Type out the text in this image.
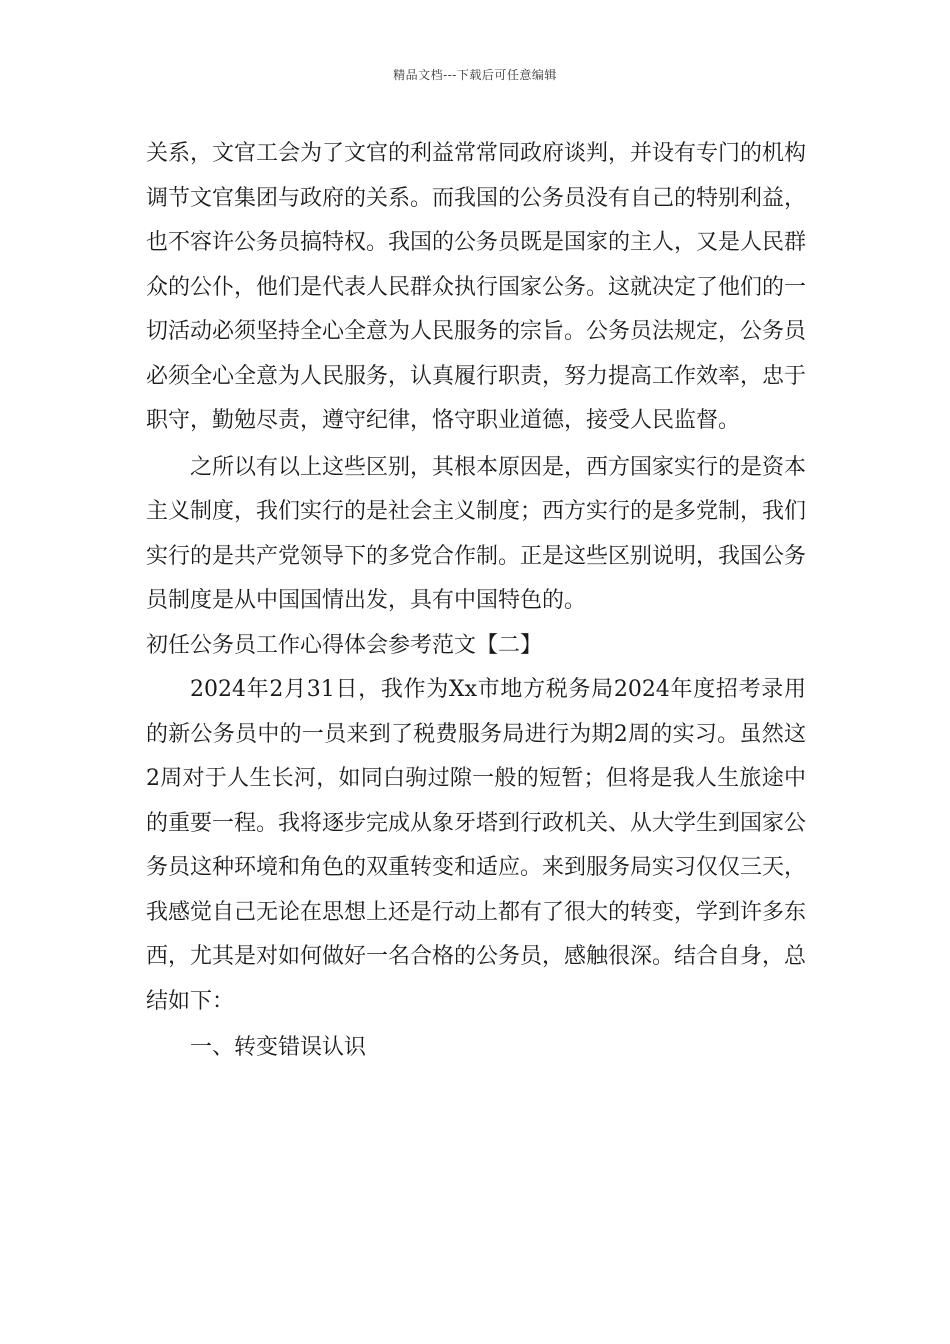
精品文档---下载后可任意编辑

关系，文官工会为了文官的利益常常同政府谈判，并设有专门的机构调节文官集团与政府的关系。而我国的公务员没有自己的特别利益，也不容许公务员搞特权。我国的公务员既是国家的主人，又是人民群众的公仆，他们是代表人民群众执行国家公务。这就决定了他们的一切活动必须坚持全心全意为人民服务的宗旨。公务员法规定，公务员必须全心全意为人民服务，认真履行职责，努力提高工作效率，忠于职守，勤勉尽责，遵守纪律，恪守职业道德，接受人民监督。

之所以有以上这些区别，其根本原因是，西方国家实行的是资本主义制度，我们实行的是社会主义制度；西方实行的是多党制，我们实行的是共产党领导下的多党合作制。正是这些区别说明，我国公务员制度是从中国国情出发，具有中国特色的。

初任公务员工作心得体会参考范文【二】

2024年2月31日，我作为Xx市地方税务局2024年度招考录用的新公务员中的一员来到了税费服务局进行为期2周的实习。虽然这2周对于人生长河，如同白驹过隙一般的短暂；但将是我人生旅途中的重要一程。我将逐步完成从象牙塔到行政机关、从大学生到国家公务员这种环境和角色的双重转变和适应。来到服务局实习仅仅三天，我感觉自己无论在思想上还是行动上都有了很大的转变，学到许多东西，尤其是对如何做好一名合格的公务员，感触很深。结合自身，总结如下：

一、转变错误认识
